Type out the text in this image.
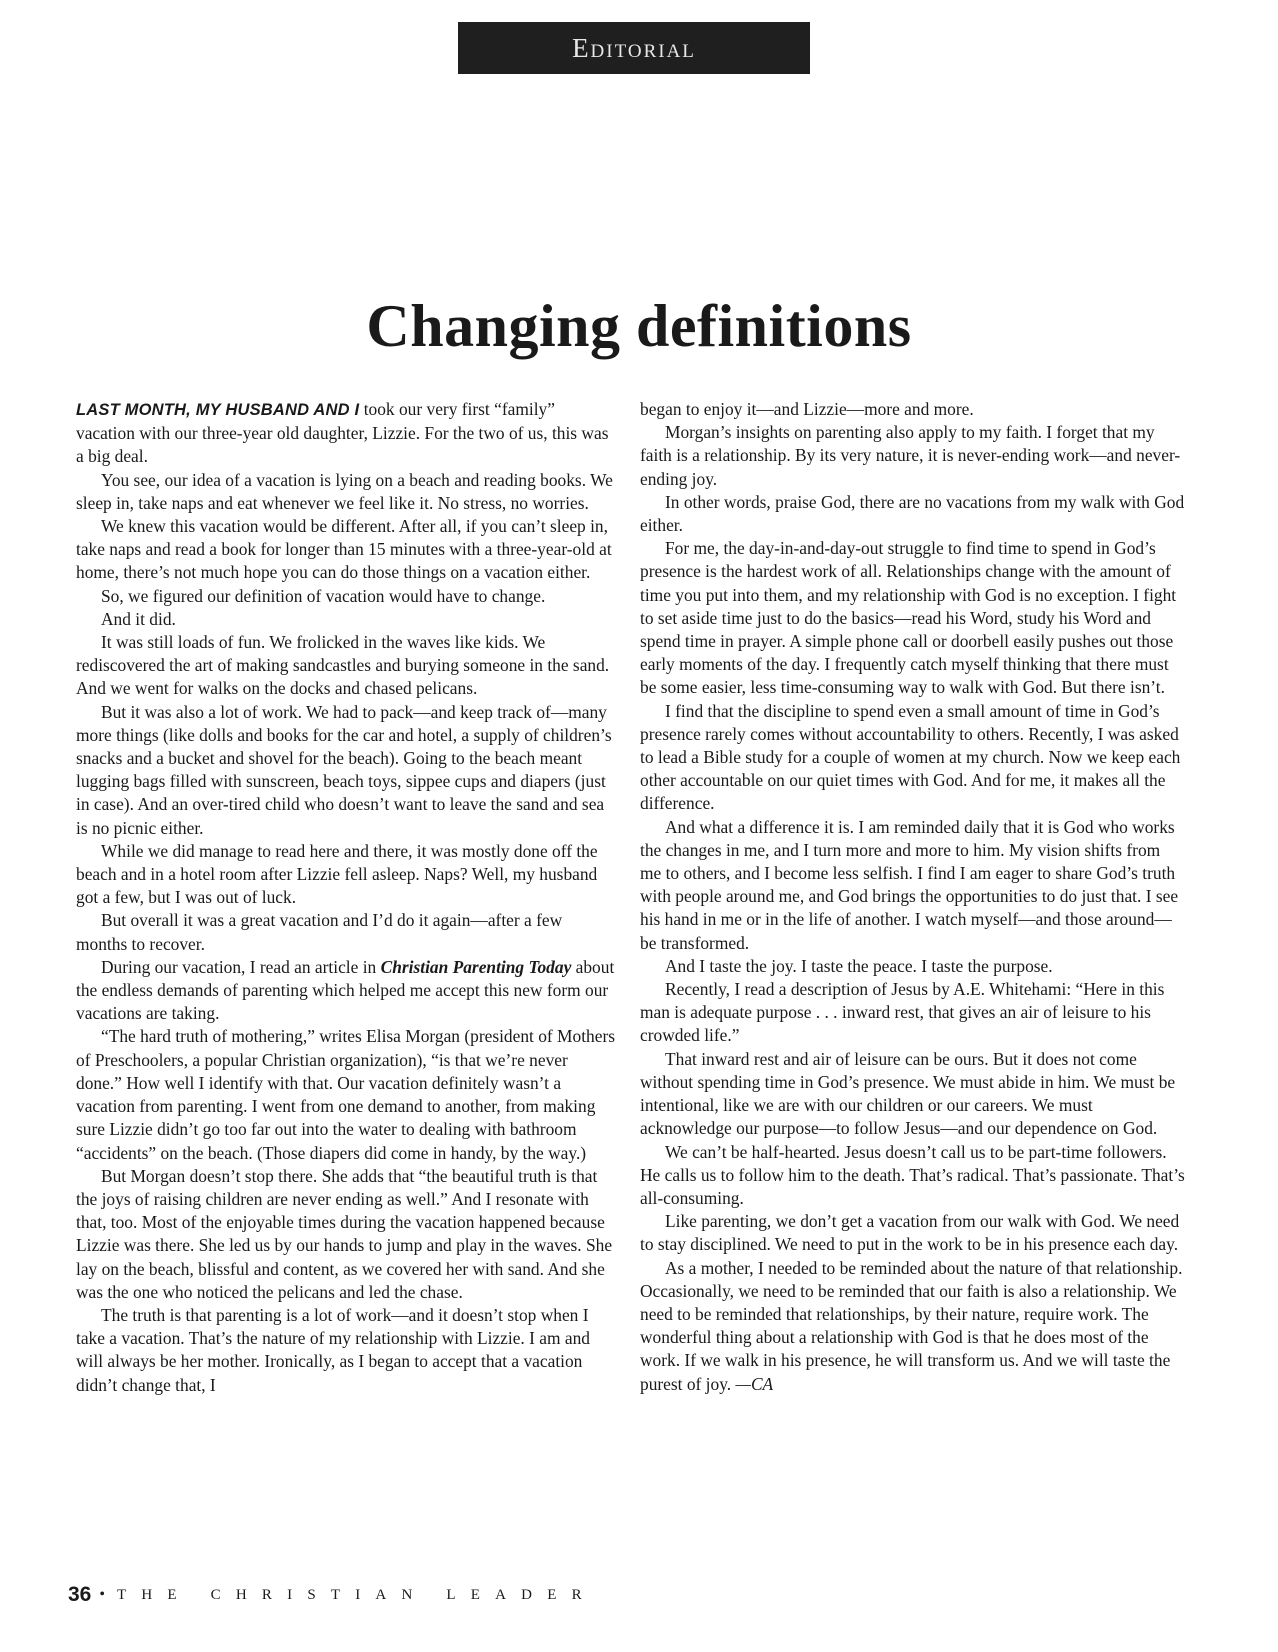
Editorial
Changing definitions

LAST MONTH, MY HUSBAND AND I took our very first “family” vacation with our three-year old daughter, Lizzie. For the two of us, this was a big deal.

You see, our idea of a vacation is lying on a beach and reading books. We sleep in, take naps and eat whenever we feel like it. No stress, no worries.

We knew this vacation would be different. After all, if you can’t sleep in, take naps and read a book for longer than 15 minutes with a three-year-old at home, there’s not much hope you can do those things on a vacation either.

So, we figured our definition of vacation would have to change.

And it did.

It was still loads of fun. We frolicked in the waves like kids. We rediscovered the art of making sandcastles and burying someone in the sand. And we went for walks on the docks and chased pelicans.

But it was also a lot of work. We had to pack—and keep track of—many more things (like dolls and books for the car and hotel, a supply of children’s snacks and a bucket and shovel for the beach). Going to the beach meant lugging bags filled with sunscreen, beach toys, sippee cups and diapers (just in case). And an over-tired child who doesn’t want to leave the sand and sea is no picnic either.

While we did manage to read here and there, it was mostly done off the beach and in a hotel room after Lizzie fell asleep. Naps? Well, my husband got a few, but I was out of luck.

But overall it was a great vacation and I’d do it again—after a few months to recover.

During our vacation, I read an article in Christian Parenting Today about the endless demands of parenting which helped me accept this new form our vacations are taking.

“The hard truth of mothering,” writes Elisa Morgan (president of Mothers of Preschoolers, a popular Christian organization), “is that we’re never done.” How well I identify with that. Our vacation definitely wasn’t a vacation from parenting. I went from one demand to another, from making sure Lizzie didn’t go too far out into the water to dealing with bathroom “accidents” on the beach. (Those diapers did come in handy, by the way.)

But Morgan doesn’t stop there. She adds that “the beautiful truth is that the joys of raising children are never ending as well.” And I resonate with that, too. Most of the enjoyable times during the vacation happened because Lizzie was there. She led us by our hands to jump and play in the waves. She lay on the beach, blissful and content, as we covered her with sand. And she was the one who noticed the pelicans and led the chase.

The truth is that parenting is a lot of work—and it doesn’t stop when I take a vacation. That’s the nature of my relationship with Lizzie. I am and will always be her mother. Ironically, as I began to accept that a vacation didn’t change that, I

began to enjoy it—and Lizzie—more and more.

Morgan’s insights on parenting also apply to my faith. I forget that my faith is a relationship. By its very nature, it is never-ending work—and never-ending joy.

In other words, praise God, there are no vacations from my walk with God either.

For me, the day-in-and-day-out struggle to find time to spend in God’s presence is the hardest work of all. Relationships change with the amount of time you put into them, and my relationship with God is no exception. I fight to set aside time just to do the basics—read his Word, study his Word and spend time in prayer. A simple phone call or doorbell easily pushes out those early moments of the day. I frequently catch myself thinking that there must be some easier, less time-consuming way to walk with God. But there isn’t.

I find that the discipline to spend even a small amount of time in God’s presence rarely comes without accountability to others. Recently, I was asked to lead a Bible study for a couple of women at my church. Now we keep each other accountable on our quiet times with God. And for me, it makes all the difference.

And what a difference it is. I am reminded daily that it is God who works the changes in me, and I turn more and more to him. My vision shifts from me to others, and I become less selfish. I find I am eager to share God’s truth with people around me, and God brings the opportunities to do just that. I see his hand in me or in the life of another. I watch myself—and those around—be transformed.

And I taste the joy. I taste the peace. I taste the purpose.

Recently, I read a description of Jesus by A.E. Whitehami: “Here in this man is adequate purpose . . . inward rest, that gives an air of leisure to his crowded life.”

That inward rest and air of leisure can be ours. But it does not come without spending time in God’s presence. We must abide in him. We must be intentional, like we are with our children or our careers. We must acknowledge our purpose—to follow Jesus—and our dependence on God.

We can’t be half-hearted. Jesus doesn’t call us to be part-time followers. He calls us to follow him to the death. That’s radical. That’s passionate. That’s all-consuming.

Like parenting, we don’t get a vacation from our walk with God. We need to stay disciplined. We need to put in the work to be in his presence each day.

As a mother, I needed to be reminded about the nature of that relationship. Occasionally, we need to be reminded that our faith is also a relationship. We need to be reminded that relationships, by their nature, require work. The wonderful thing about a relationship with God is that he does most of the work. If we walk in his presence, he will transform us. And we will taste the purest of joy. —CA

36 • THE CHRISTIAN LEADER
